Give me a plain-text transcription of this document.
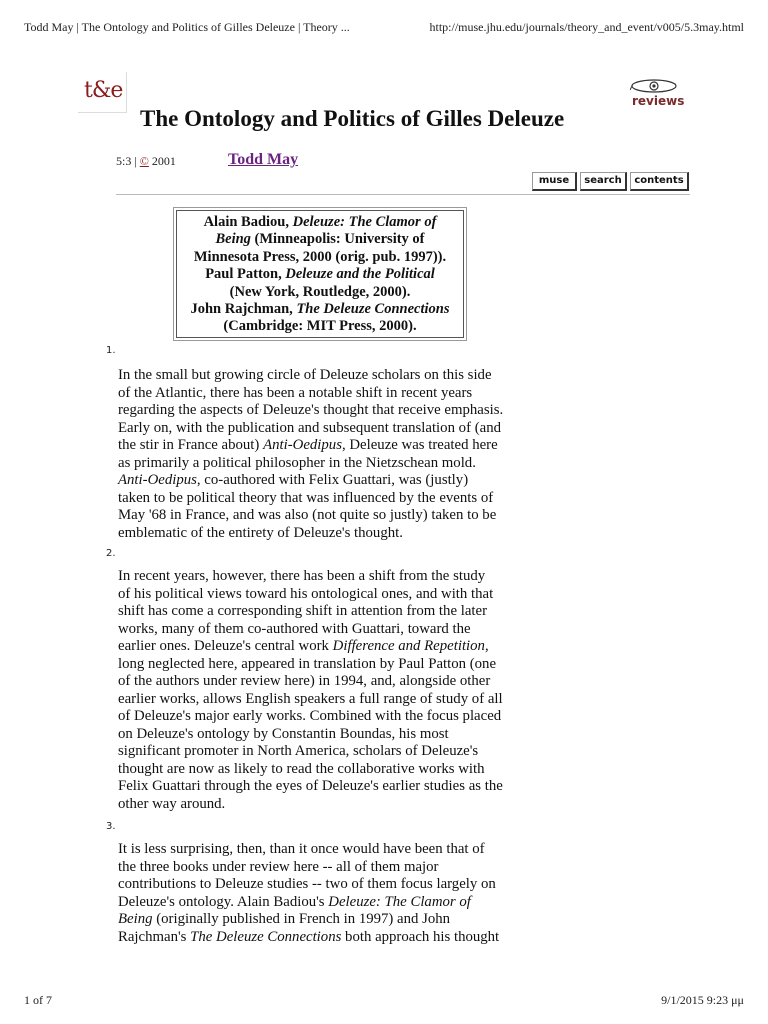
Todd May | The Ontology and Politics of Gilles Deleuze | Theory ...	http://muse.jhu.edu/journals/theory_and_event/v005/5.3may.html
t&e	reviews
The Ontology and Politics of Gilles Deleuze
5:3 | © 2001	Todd May
muse	search	contents
Alain Badiou, Deleuze: The Clamor of
Being (Minneapolis: University of
Minnesota Press, 2000 (orig. pub. 1997)).
Paul Patton, Deleuze and the Political
(New York, Routledge, 2000).
John Rajchman, The Deleuze Connections
(Cambridge: MIT Press, 2000).
1.

In the small but growing circle of Deleuze scholars on this side
of the Atlantic, there has been a notable shift in recent years
regarding the aspects of Deleuze's thought that receive emphasis.
Early on, with the publication and subsequent translation of (and
the stir in France about) Anti-Oedipus, Deleuze was treated here
as primarily a political philosopher in the Nietzschean mold.
Anti-Oedipus, co-authored with Felix Guattari, was (justly)
taken to be political theory that was influenced by the events of
May '68 in France, and was also (not quite so justly) taken to be
emblematic of the entirety of Deleuze's thought.

2.

In recent years, however, there has been a shift from the study
of his political views toward his ontological ones, and with that
shift has come a corresponding shift in attention from the later
works, many of them co-authored with Guattari, toward the
earlier ones. Deleuze's central work Difference and Repetition,
long neglected here, appeared in translation by Paul Patton (one
of the authors under review here) in 1994, and, alongside other
earlier works, allows English speakers a full range of study of all
of Deleuze's major early works. Combined with the focus placed
on Deleuze's ontology by Constantin Boundas, his most
significant promoter in North America, scholars of Deleuze's
thought are now as likely to read the collaborative works with
Felix Guattari through the eyes of Deleuze's earlier studies as the
other way around.

3.

It is less surprising, then, than it once would have been that of
the three books under review here -- all of them major
contributions to Deleuze studies -- two of them focus largely on
Deleuze's ontology. Alain Badiou's Deleuze: The Clamor of
Being (originally published in French in 1997) and John
Rajchman's The Deleuze Connections both approach his thought

1 of 7	9/1/2015 9:23 μμ
